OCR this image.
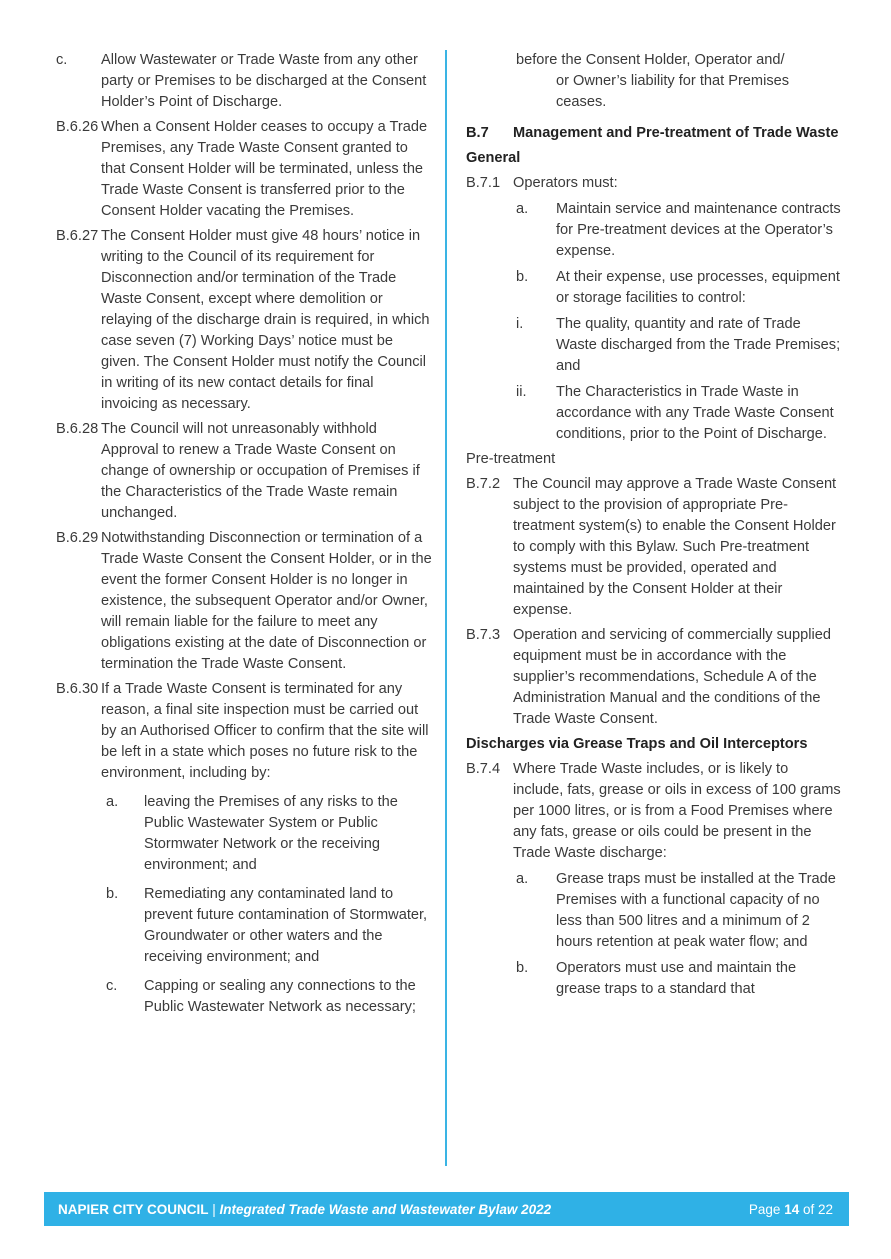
c. Allow Wastewater or Trade Waste from any other party or Premises to be discharged at the Consent Holder’s Point of Discharge.

B.6.26 When a Consent Holder ceases to occupy a Trade Premises, any Trade Waste Consent granted to that Consent Holder will be terminated, unless the Trade Waste Consent is transferred prior to the Consent Holder vacating the Premises.

B.6.27 The Consent Holder must give 48 hours’ notice in writing to the Council of its requirement for Disconnection and/or termination of the Trade Waste Consent, except where demolition or relaying of the discharge drain is required, in which case seven (7) Working Days’ notice must be given. The Consent Holder must notify the Council in writing of its new contact details for final invoicing as necessary.

B.6.28 The Council will not unreasonably withhold Approval to renew a Trade Waste Consent on change of ownership or occupation of Premises if the Characteristics of the Trade Waste remain unchanged.

B.6.29 Notwithstanding Disconnection or termination of a Trade Waste Consent the Consent Holder, or in the event the former Consent Holder is no longer in existence, the subsequent Operator and/or Owner, will remain liable for the failure to meet any obligations existing at the date of Disconnection or termination the Trade Waste Consent.

B.6.30 If a Trade Waste Consent is terminated for any reason, a final site inspection must be carried out by an Authorised Officer to confirm that the site will be left in a state which poses no future risk to the environment, including by:

a. leaving the Premises of any risks to the Public Wastewater System or Public Stormwater Network or the receiving environment; and

b. Remediating any contaminated land to prevent future contamination of Stormwater, Groundwater or other waters and the receiving environment; and

c. Capping or sealing any connections to the Public Wastewater Network as necessary;

before the Consent Holder, Operator and/

or Owner’s liability for that Premises ceases.

B.7 Management and Pre-treatment of Trade Waste
General
B.7.1 Operators must:

a. Maintain service and maintenance contracts for Pre-treatment devices at the Operator’s expense.

b. At their expense, use processes, equipment or storage facilities to control:

i. The quality, quantity and rate of Trade Waste discharged from the Trade Premises; and

ii. The Characteristics in Trade Waste in accordance with any Trade Waste Consent conditions, prior to the Point of Discharge.

Pre-treatment
B.7.2 The Council may approve a Trade Waste Consent subject to the provision of appropriate Pre-treatment system(s) to enable the Consent Holder to comply with this Bylaw. Such Pre-treatment systems must be provided, operated and maintained by the Consent Holder at their expense.

B.7.3 Operation and servicing of commercially supplied equipment must be in accordance with the supplier’s recommendations, Schedule A of the Administration Manual and the conditions of the Trade Waste Consent.

Discharges via Grease Traps and Oil Interceptors
B.7.4 Where Trade Waste includes, or is likely to include, fats, grease or oils in excess of 100 grams per 1000 litres, or is from a Food Premises where any fats, grease or oils could be present in the Trade Waste discharge:

a. Grease traps must be installed at the Trade Premises with a functional capacity of no less than 500 litres and a minimum of 2 hours retention at peak water flow; and

b. Operators must use and maintain the grease traps to a standard that

NAPIER CITY COUNCIL | Integrated Trade Waste and Wastewater Bylaw 2022	Page 14 of 22
